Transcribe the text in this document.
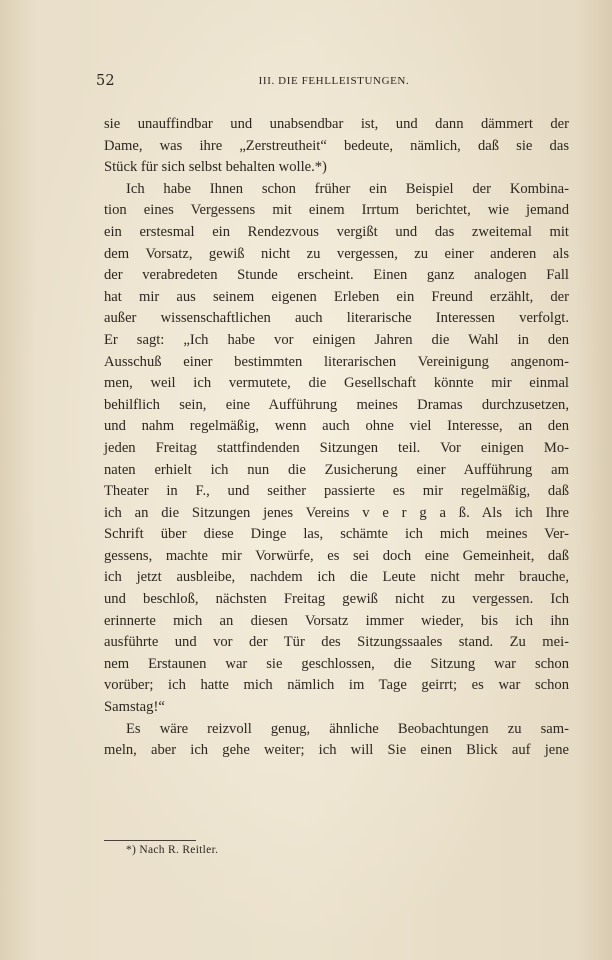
52	III. DIE FEHLLEISTUNGEN.
sie unauffindbar und unabsendbar ist, und dann dämmert der
Dame, was ihre „Zerstreutheit“ bedeute, nämlich, daß sie das
Stück für sich selbst behalten wolle.*)
Ich habe Ihnen schon früher ein Beispiel der Kombina-
tion eines Vergessens mit einem Irrtum berichtet, wie jemand
ein erstesmal ein Rendezvous vergißt und das zweitemal mit
dem Vorsatz, gewiß nicht zu vergessen, zu einer anderen als
der verabredeten Stunde erscheint. Einen ganz analogen Fall
hat mir aus seinem eigenen Erleben ein Freund erzählt, der
außer wissenschaftlichen auch literarische Interessen verfolgt.
Er sagt: „Ich habe vor einigen Jahren die Wahl in den
Ausschuß einer bestimmten literarischen Vereinigung angenom-
men, weil ich vermutete, die Gesellschaft könnte mir einmal
behilflich sein, eine Aufführung meines Dramas durchzusetzen,
und nahm regelmäßig, wenn auch ohne viel Interesse, an den
jeden Freitag stattfindenden Sitzungen teil. Vor einigen Mo-
naten erhielt ich nun die Zusicherung einer Aufführung am
Theater in F., und seither passierte es mir regelmäßig, daß
ich an die Sitzungen jenes Vereins v e r g a ß. Als ich Ihre
Schrift über diese Dinge las, schämte ich mich meines Ver-
gessens, machte mir Vorwürfe, es sei doch eine Gemeinheit, daß
ich jetzt ausbleibe, nachdem ich die Leute nicht mehr brauche,
und beschloß, nächsten Freitag gewiß nicht zu vergessen. Ich
erinnerte mich an diesen Vorsatz immer wieder, bis ich ihn
ausführte und vor der Tür des Sitzungssaales stand. Zu mei-
nem Erstaunen war sie geschlossen, die Sitzung war schon
vorüber; ich hatte mich nämlich im Tage geirrt; es war schon
Samstag!“
Es wäre reizvoll genug, ähnliche Beobachtungen zu sam-
meln, aber ich gehe weiter; ich will Sie einen Blick auf jene
*) Nach R. Reitler.
